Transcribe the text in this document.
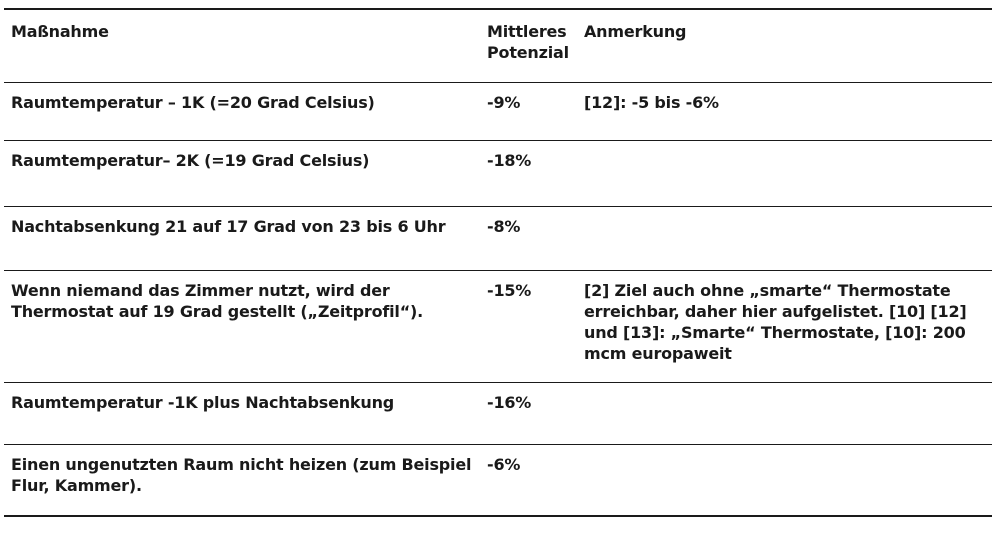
Maßnahme	Mittleres Potenzial	Anmerkung
Raumtemperatur – 1K (=20 Grad Celsius)	-9%	[12]: -5 bis -6%
Raumtemperatur– 2K (=19 Grad Celsius)	-18%	
Nachtabsenkung 21 auf 17 Grad von 23 bis 6 Uhr	-8%	
Wenn niemand das Zimmer nutzt, wird der Thermostat auf 19 Grad gestellt („Zeitprofil“).	-15%	[2] Ziel auch ohne „smarte“ Thermostate erreichbar, daher hier aufgelistet. [10] [12] und [13]: „Smarte“ Thermostate, [10]: 200 mcm europaweit
Raumtemperatur -1K plus Nachtabsenkung	-16%	
Einen ungenutzten Raum nicht heizen (zum Beispiel Flur, Kammer).	-6%	
